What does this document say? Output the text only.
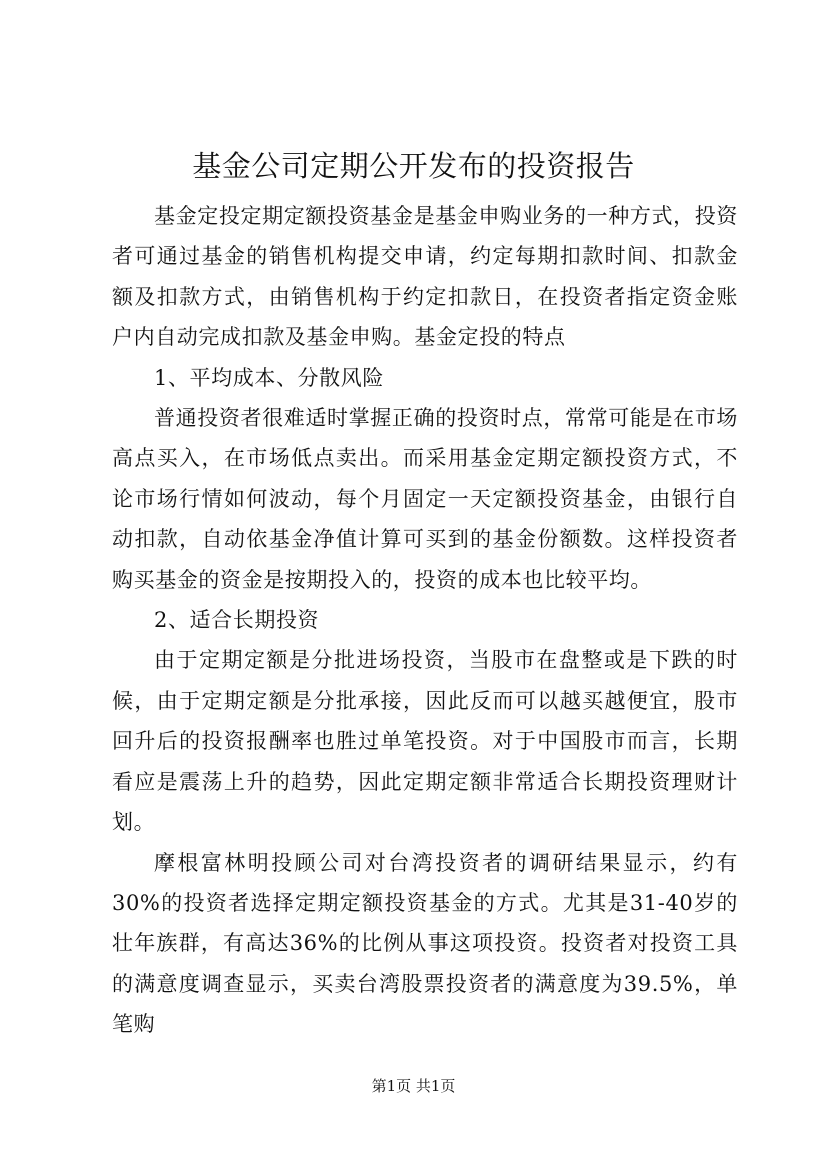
基金公司定期公开发布的投资报告

基金定投定期定额投资基金是基金申购业务的一种方式，投资者可通过基金的销售机构提交申请，约定每期扣款时间、扣款金额及扣款方式，由销售机构于约定扣款日，在投资者指定资金账户内自动完成扣款及基金申购。基金定投的特点

1、平均成本、分散风险

普通投资者很难适时掌握正确的投资时点，常常可能是在市场高点买入，在市场低点卖出。而采用基金定期定额投资方式，不论市场行情如何波动，每个月固定一天定额投资基金，由银行自动扣款，自动依基金净值计算可买到的基金份额数。这样投资者购买基金的资金是按期投入的，投资的成本也比较平均。

2、适合长期投资

由于定期定额是分批进场投资，当股市在盘整或是下跌的时候，由于定期定额是分批承接，因此反而可以越买越便宜，股市回升后的投资报酬率也胜过单笔投资。对于中国股市而言，长期看应是震荡上升的趋势，因此定期定额非常适合长期投资理财计划。

摩根富林明投顾公司对台湾投资者的调研结果显示，约有30%的投资者选择定期定额投资基金的方式。尤其是31-40岁的壮年族群，有高达36%的比例从事这项投资。投资者对投资工具的满意度调查显示，买卖台湾股票投资者的满意度为39.5%，单笔购

第1页 共1页
